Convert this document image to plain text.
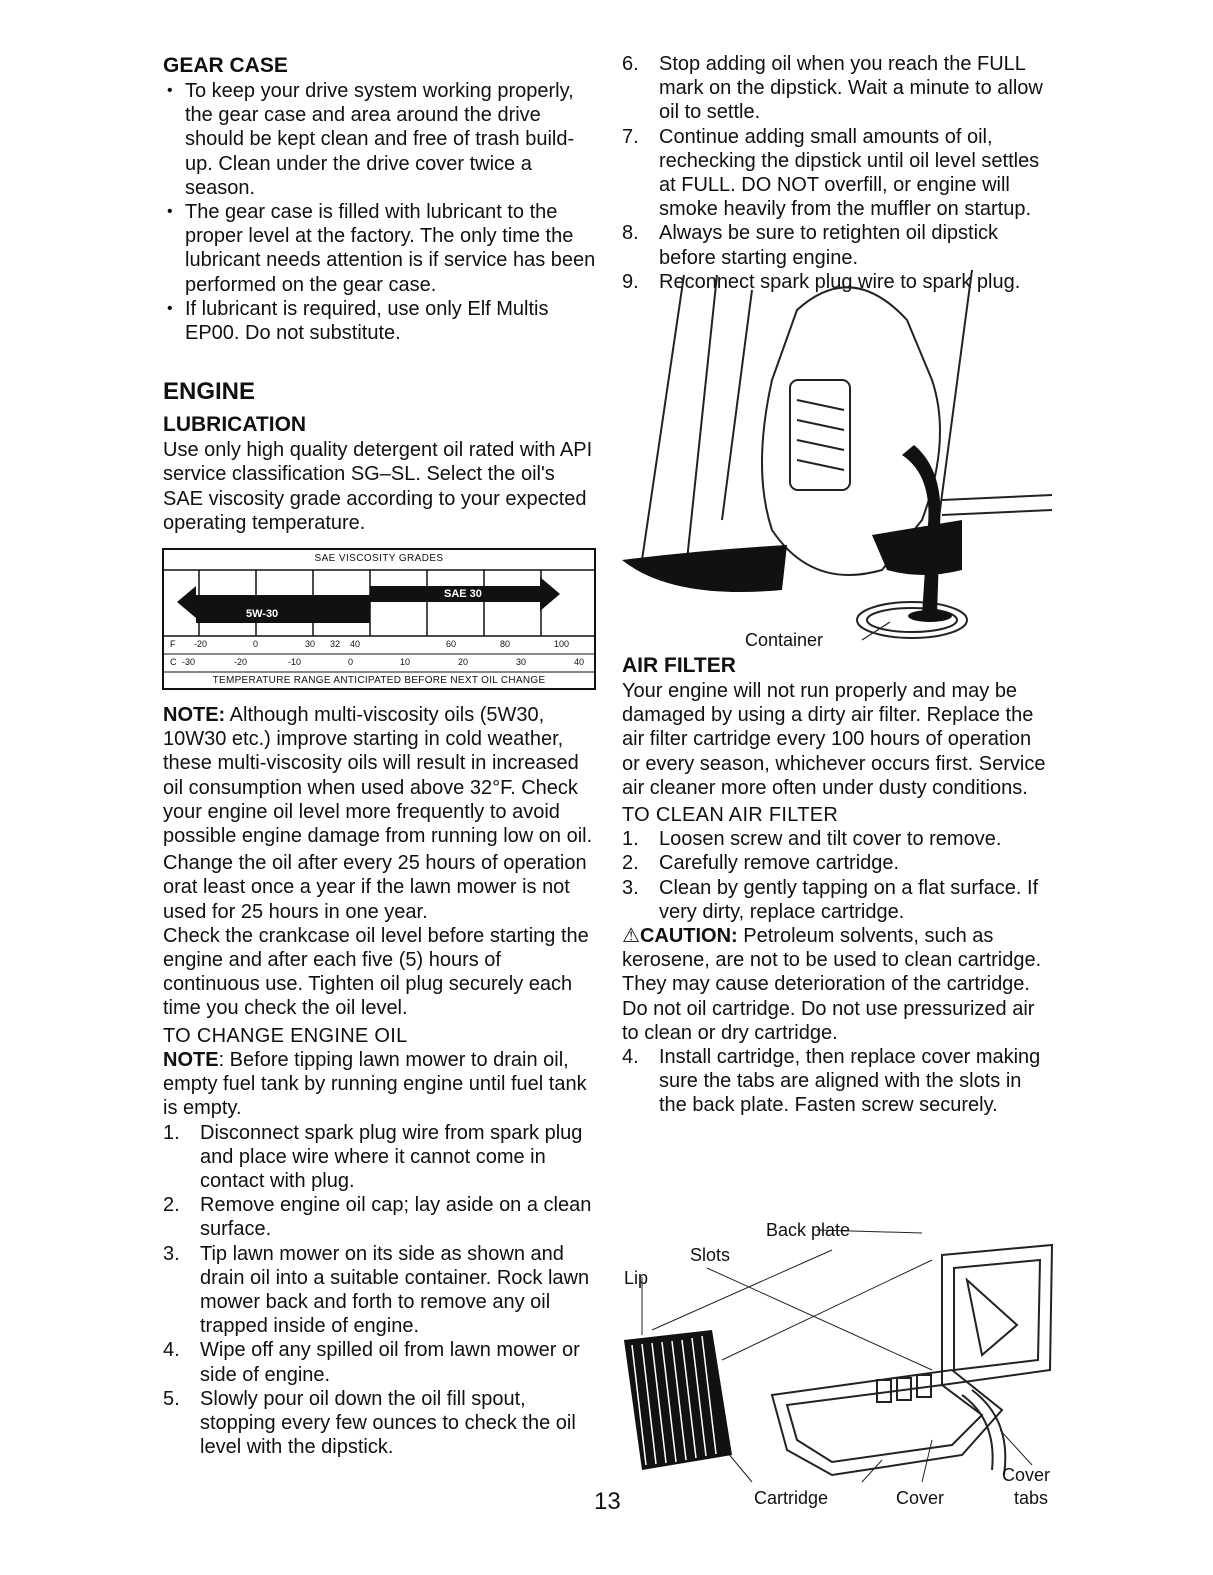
GEAR CASE
• To keep your drive system working properly, the gear case and area around the drive should be kept clean and free of trash build-up. Clean under the drive cover twice a season.
• The gear case is filled with lubricant to the proper level at the factory. The only time the lubricant needs attention is if service has been performed on the gear case.
• If lubricant is required, use only Elf Multis EP00. Do not substitute.
ENGINE
LUBRICATION

Use only high quality detergent oil rated with API service classification SG–SL. Select the oil's SAE viscosity grade according to your expected operating temperature.

NOTE: Although multi-viscosity oils (5W30, 10W30 etc.) improve starting in cold weather, these multi-viscosity oils will result in increased oil consumption when used above 32°F. Check your engine oil level more frequently to avoid possible engine damage from running low on oil.

Change the oil after every 25 hours of operation orat least once a year if the lawn mower is not used for 25 hours in one year.

Check the crankcase oil level before starting the engine and after each five (5) hours of continuous use. Tighten oil plug securely each time you check the oil level.

TO CHANGE ENGINE OIL

NOTE: Before tipping lawn mower to drain oil, empty fuel tank by running engine until fuel tank is empty.

1. Disconnect spark plug wire from spark plug and place wire where it cannot come in contact with plug.
2. Remove engine oil cap; lay aside on a clean surface.
3. Tip lawn mower on its side as shown and drain oil into a suitable container. Rock lawn mower back and forth to remove any oil trapped inside of engine.
4. Wipe off any spilled oil from lawn mower or side of engine.
5. Slowly pour oil down the oil fill spout, stopping every few ounces to check the oil level with the dipstick.
SAE VISCOSITY GRADES
5W-30
SAE 30
F -20	0	30 32 40	60	80	100
C -30	-20	-10	0	10	20	30	40
TEMPERATURE RANGE ANTICIPATED BEFORE NEXT OIL CHANGE
6. Stop adding oil when you reach the FULL mark on the dipstick. Wait a minute to allow oil to settle.
7. Continue adding small amounts of oil, rechecking the dipstick until oil level settles at FULL. DO NOT overfill, or engine will smoke heavily from the muffler on startup.
8. Always be sure to retighten oil dipstick before starting engine.
9. Reconnect spark plug wire to spark plug.
AIR FILTER

Your engine will not run properly and may be damaged by using a dirty air filter. Replace the air filter cartridge every 100 hours of operation or every season, whichever occurs first. Service air cleaner more often under dusty conditions.

TO CLEAN AIR FILTER

1. Loosen screw and tilt cover to remove.
2. Carefully remove cartridge.
3. Clean by gently tapping on a flat surface. If very dirty, replace cartridge.

⚠CAUTION: Petroleum solvents, such as kerosene, are not to be used to clean cartridge. They may cause deterioration of the cartridge. Do not oil cartridge. Do not use pressurized air to clean or dry cartridge.

4. Install cartridge, then replace cover making sure the tabs are aligned with the slots in the back plate. Fasten screw securely.
Container
Back plate
Slots
Lip
Cartridge	Cover
Cover
tabs
13
